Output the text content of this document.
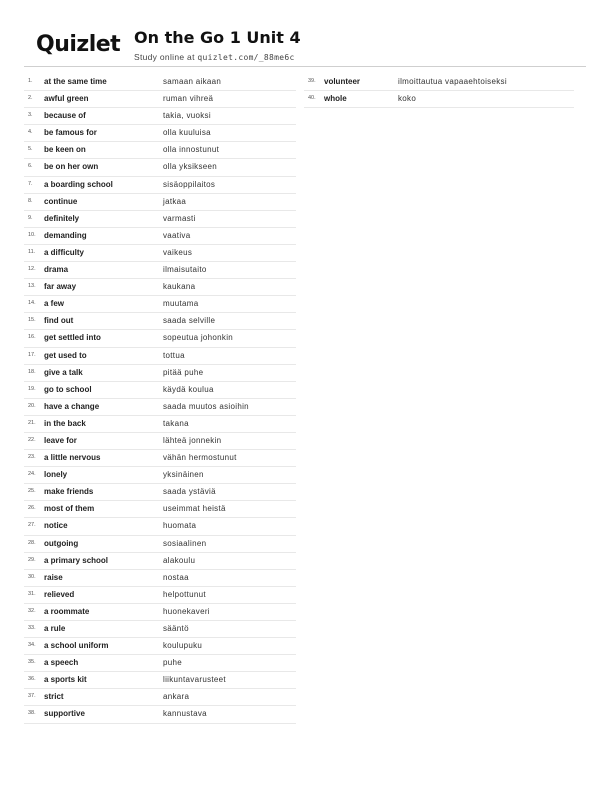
Quizlet On the Go 1 Unit 4
Study online at quizlet.com/_88me6c
1.	at the same time	samaan aikaan
2.	awful green	ruman vihreä
3.	because of	takia, vuoksi
4.	be famous for	olla kuuluisa
5.	be keen on	olla innostunut
6.	be on her own	olla yksikseen
7.	a boarding school	sisäoppilaitos
8.	continue	jatkaa
9.	definitely	varmasti
10.	demanding	vaativa
11.	a difficulty	vaikeus
12.	drama	ilmaisutaito
13.	far away	kaukana
14.	a few	muutama
15.	find out	saada selville
16.	get settled into	sopeutua johonkin
17.	get used to	tottua
18.	give a talk	pitää puhe
19.	go to school	käydä koulua
20.	have a change	saada muutos asioihin
21.	in the back	takana
22.	leave for	lähteä jonnekin
23.	a little nervous	vähän hermostunut
24.	lonely	yksinäinen
25.	make friends	saada ystäviä
26.	most of them	useimmat heistä
27.	notice	huomata
28.	outgoing	sosiaalinen
29.	a primary school	alakoulu
30.	raise	nostaa
31.	relieved	helpottunut
32.	a roommate	huonekaveri
33.	a rule	sääntö
34.	a school uniform	koulupuku
35.	a speech	puhe
36.	a sports kit	liikuntavarusteet
37.	strict	ankara
38.	supportive	kannustava
39.	volunteer	ilmoittautua vapaaehtoiseksi
40.	whole	koko
